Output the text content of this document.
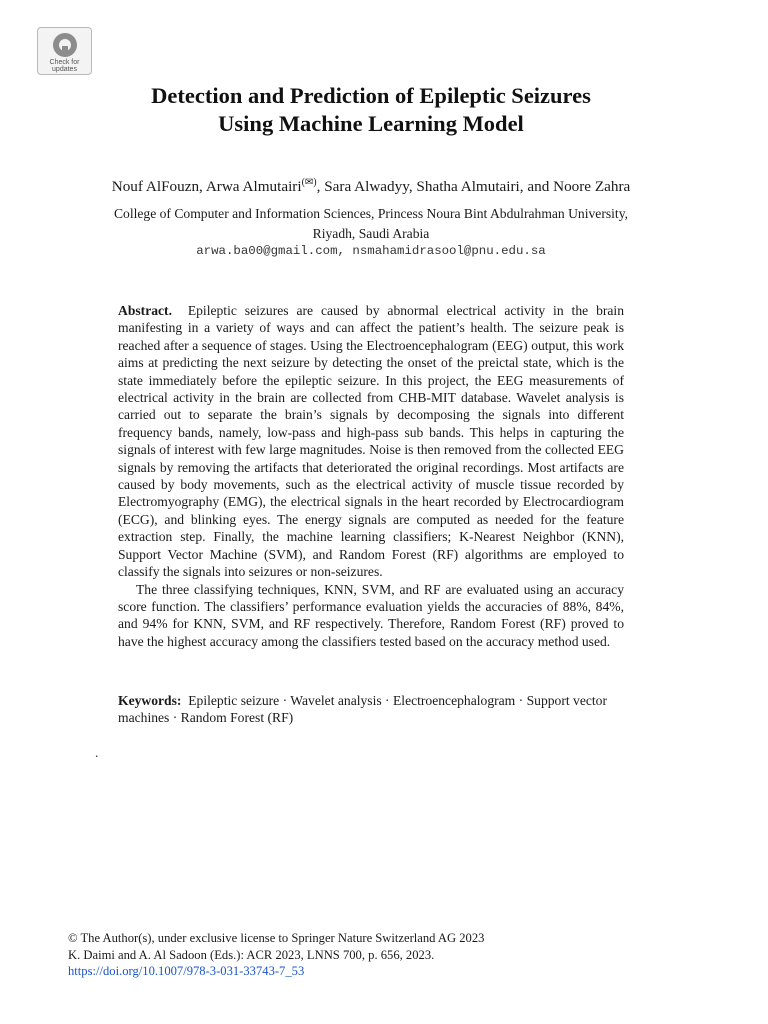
Check for
updates
Detection and Prediction of Epileptic Seizures
Using Machine Learning Model
Nouf AlFouzn, Arwa Almutairi(✉), Sara Alwadyy, Shatha Almutairi, and Noore Zahra
College of Computer and Information Sciences, Princess Noura Bint Abdulrahman University,
Riyadh, Saudi Arabia
arwa.ba00@gmail.com, nsmahamidrasool@pnu.edu.sa

Abstract. Epileptic seizures are caused by abnormal electrical activity in the brain manifesting in a variety of ways and can affect the patient’s health. The seizure peak is reached after a sequence of stages. Using the Electroencephalogram (EEG) output, this work aims at predicting the next seizure by detecting the onset of the preictal state, which is the state immediately before the epileptic seizure. In this project, the EEG measurements of electrical activity in the brain are collected from CHB-MIT database. Wavelet analysis is carried out to separate the brain’s signals by decomposing the signals into different frequency bands, namely, low-pass and high-pass sub bands. This helps in capturing the signals of interest with few large magnitudes. Noise is then removed from the collected EEG signals by removing the artifacts that deteriorated the original recordings. Most artifacts are caused by body movements, such as the electrical activity of muscle tissue recorded by Electromyography (EMG), the electrical signals in the heart recorded by Electrocardiogram (ECG), and blinking eyes. The energy signals are computed as needed for the feature extraction step. Finally, the machine learning classifiers; K-Nearest Neighbor (KNN), Support Vector Machine (SVM), and Random Forest (RF) algorithms are employed to classify the signals into seizures or non-seizures.

The three classifying techniques, KNN, SVM, and RF are evaluated using an accuracy score function. The classifiers’ performance evaluation yields the accuracies of 88%, 84%, and 94% for KNN, SVM, and RF respectively. Therefore, Random Forest (RF) proved to have the highest accuracy among the classifiers tested based on the accuracy method used.

Keywords: Epileptic seizure · Wavelet analysis · Electroencephalogram · Support vector machines · Random Forest (RF)
.
© The Author(s), under exclusive license to Springer Nature Switzerland AG 2023
K. Daimi and A. Al Sadoon (Eds.): ACR 2023, LNNS 700, p. 656, 2023.
https://doi.org/10.1007/978-3-031-33743-7_53
